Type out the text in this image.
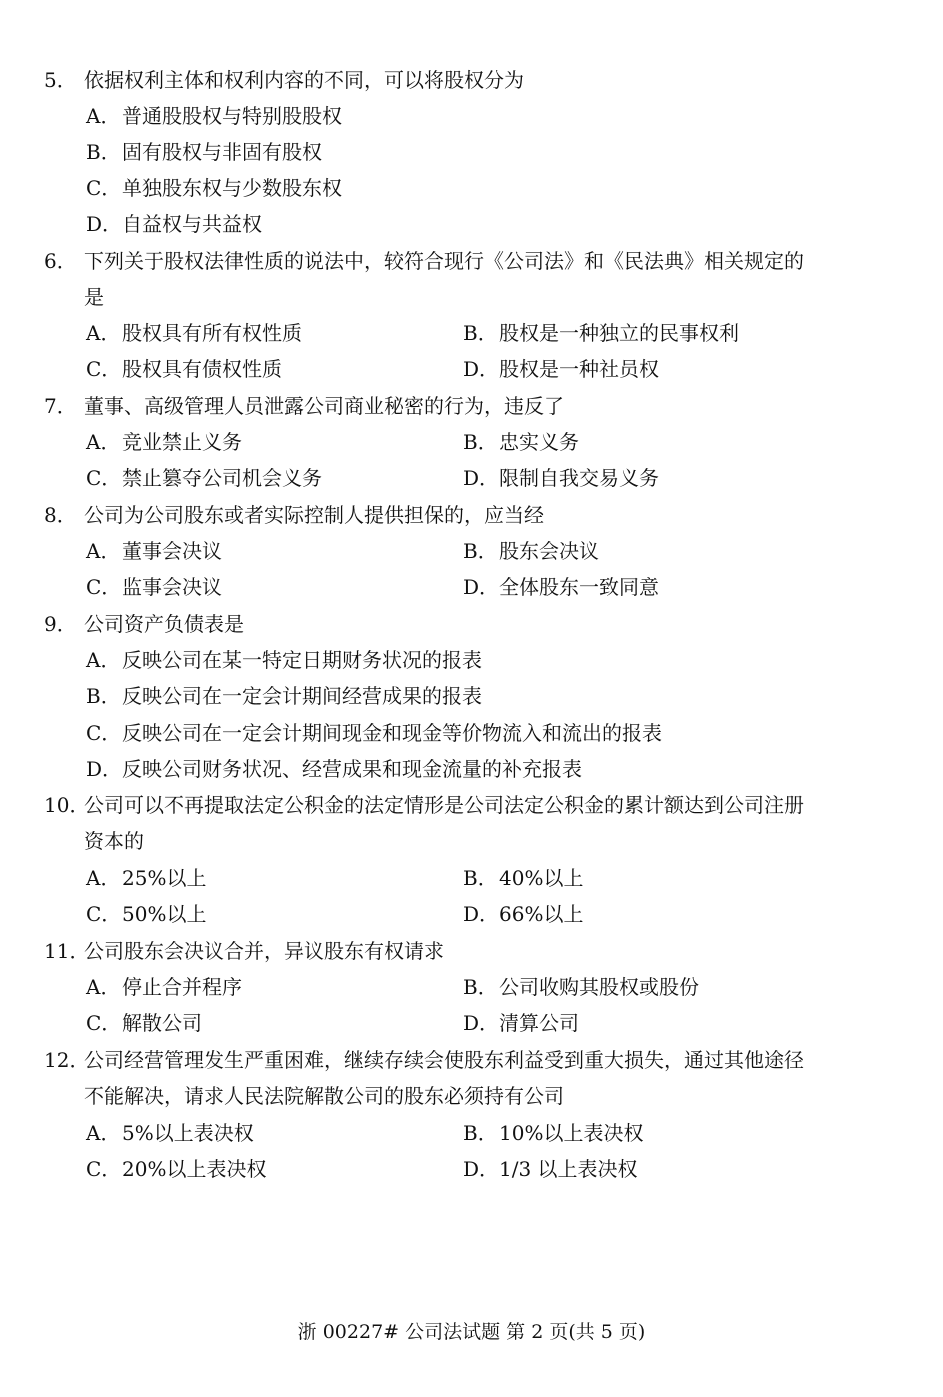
5． 依据权利主体和权利内容的不同，可以将股权分为
A．普通股股权与特别股股权
B．固有股权与非固有股权
C．单独股东权与少数股东权
D．自益权与共益权
6． 下列关于股权法律性质的说法中，较符合现行《公司法》和《民法典》相关规定的
是
A．股权具有所有权性质	B．股权是一种独立的民事权利
C．股权具有债权性质	D．股权是一种社员权
7． 董事、高级管理人员泄露公司商业秘密的行为，违反了
A．竞业禁止义务	B．忠实义务
C．禁止篡夺公司机会义务	D．限制自我交易义务
8． 公司为公司股东或者实际控制人提供担保的，应当经
A．董事会决议	B．股东会决议
C．监事会决议	D．全体股东一致同意
9． 公司资产负债表是
A．反映公司在某一特定日期财务状况的报表
B．反映公司在一定会计期间经营成果的报表
C．反映公司在一定会计期间现金和现金等价物流入和流出的报表
D．反映公司财务状况、经营成果和现金流量的补充报表
10．
公司可以不再提取法定公积金的法定情形是公司法定公积金的累计额达到公司注册
资本的
A．25%以上	B．40%以上
C．50%以上	D．66%以上
11．
公司股东会决议合并，异议股东有权请求
A．停止合并程序	B．公司收购其股权或股份
C．解散公司	D．清算公司
12．
公司经营管理发生严重困难，继续存续会使股东利益受到重大损失，通过其他途径
不能解决，请求人民法院解散公司的股东必须持有公司
A．5%以上表决权	B．10%以上表决权
C．20%以上表决权	D．1/3 以上表决权
浙 00227# 公司法试题 第 2 页(共 5 页)
